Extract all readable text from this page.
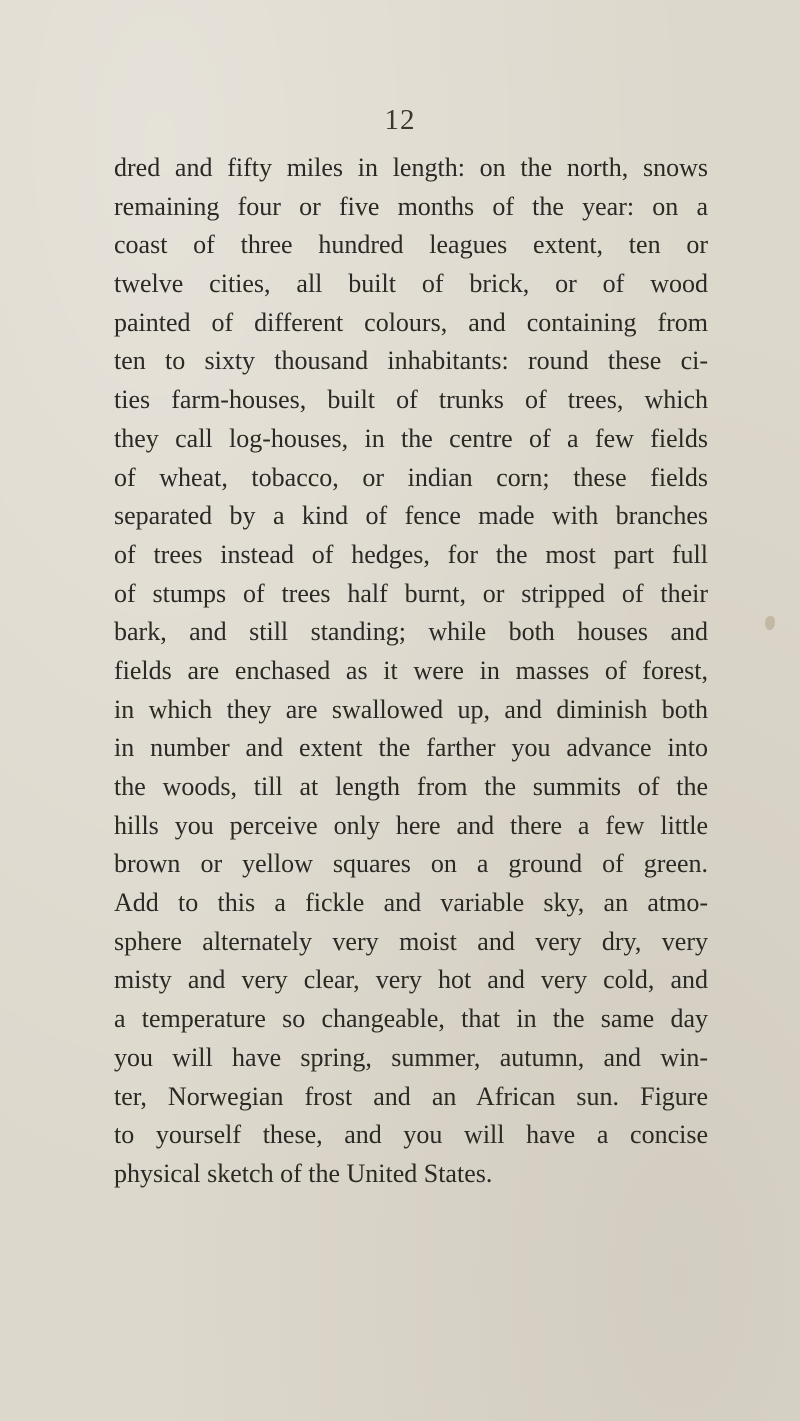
12
dred and fifty miles in length: on the north, snows
remaining four or five months of the year: on a
coast of three hundred leagues extent, ten or
twelve cities, all built of brick, or of wood
painted of different colours, and containing from
ten to sixty thousand inhabitants: round these ci-
ties farm-houses, built of trunks of trees, which
they call log-houses, in the centre of a few fields
of wheat, tobacco, or indian corn; these fields
separated by a kind of fence made with branches
of trees instead of hedges, for the most part full
of stumps of trees half burnt, or stripped of their
bark, and still standing; while both houses and
fields are enchased as it were in masses of forest,
in which they are swallowed up, and diminish both
in number and extent the farther you advance into
the woods, till at length from the summits of the
hills you perceive only here and there a few little
brown or yellow squares on a ground of green.
Add to this a fickle and variable sky, an atmo-
sphere alternately very moist and very dry, very
misty and very clear, very hot and very cold, and
a temperature so changeable, that in the same day
you will have spring, summer, autumn, and win-
ter, Norwegian frost and an African sun. Figure
to yourself these, and you will have a concise
physical sketch of the United States.
